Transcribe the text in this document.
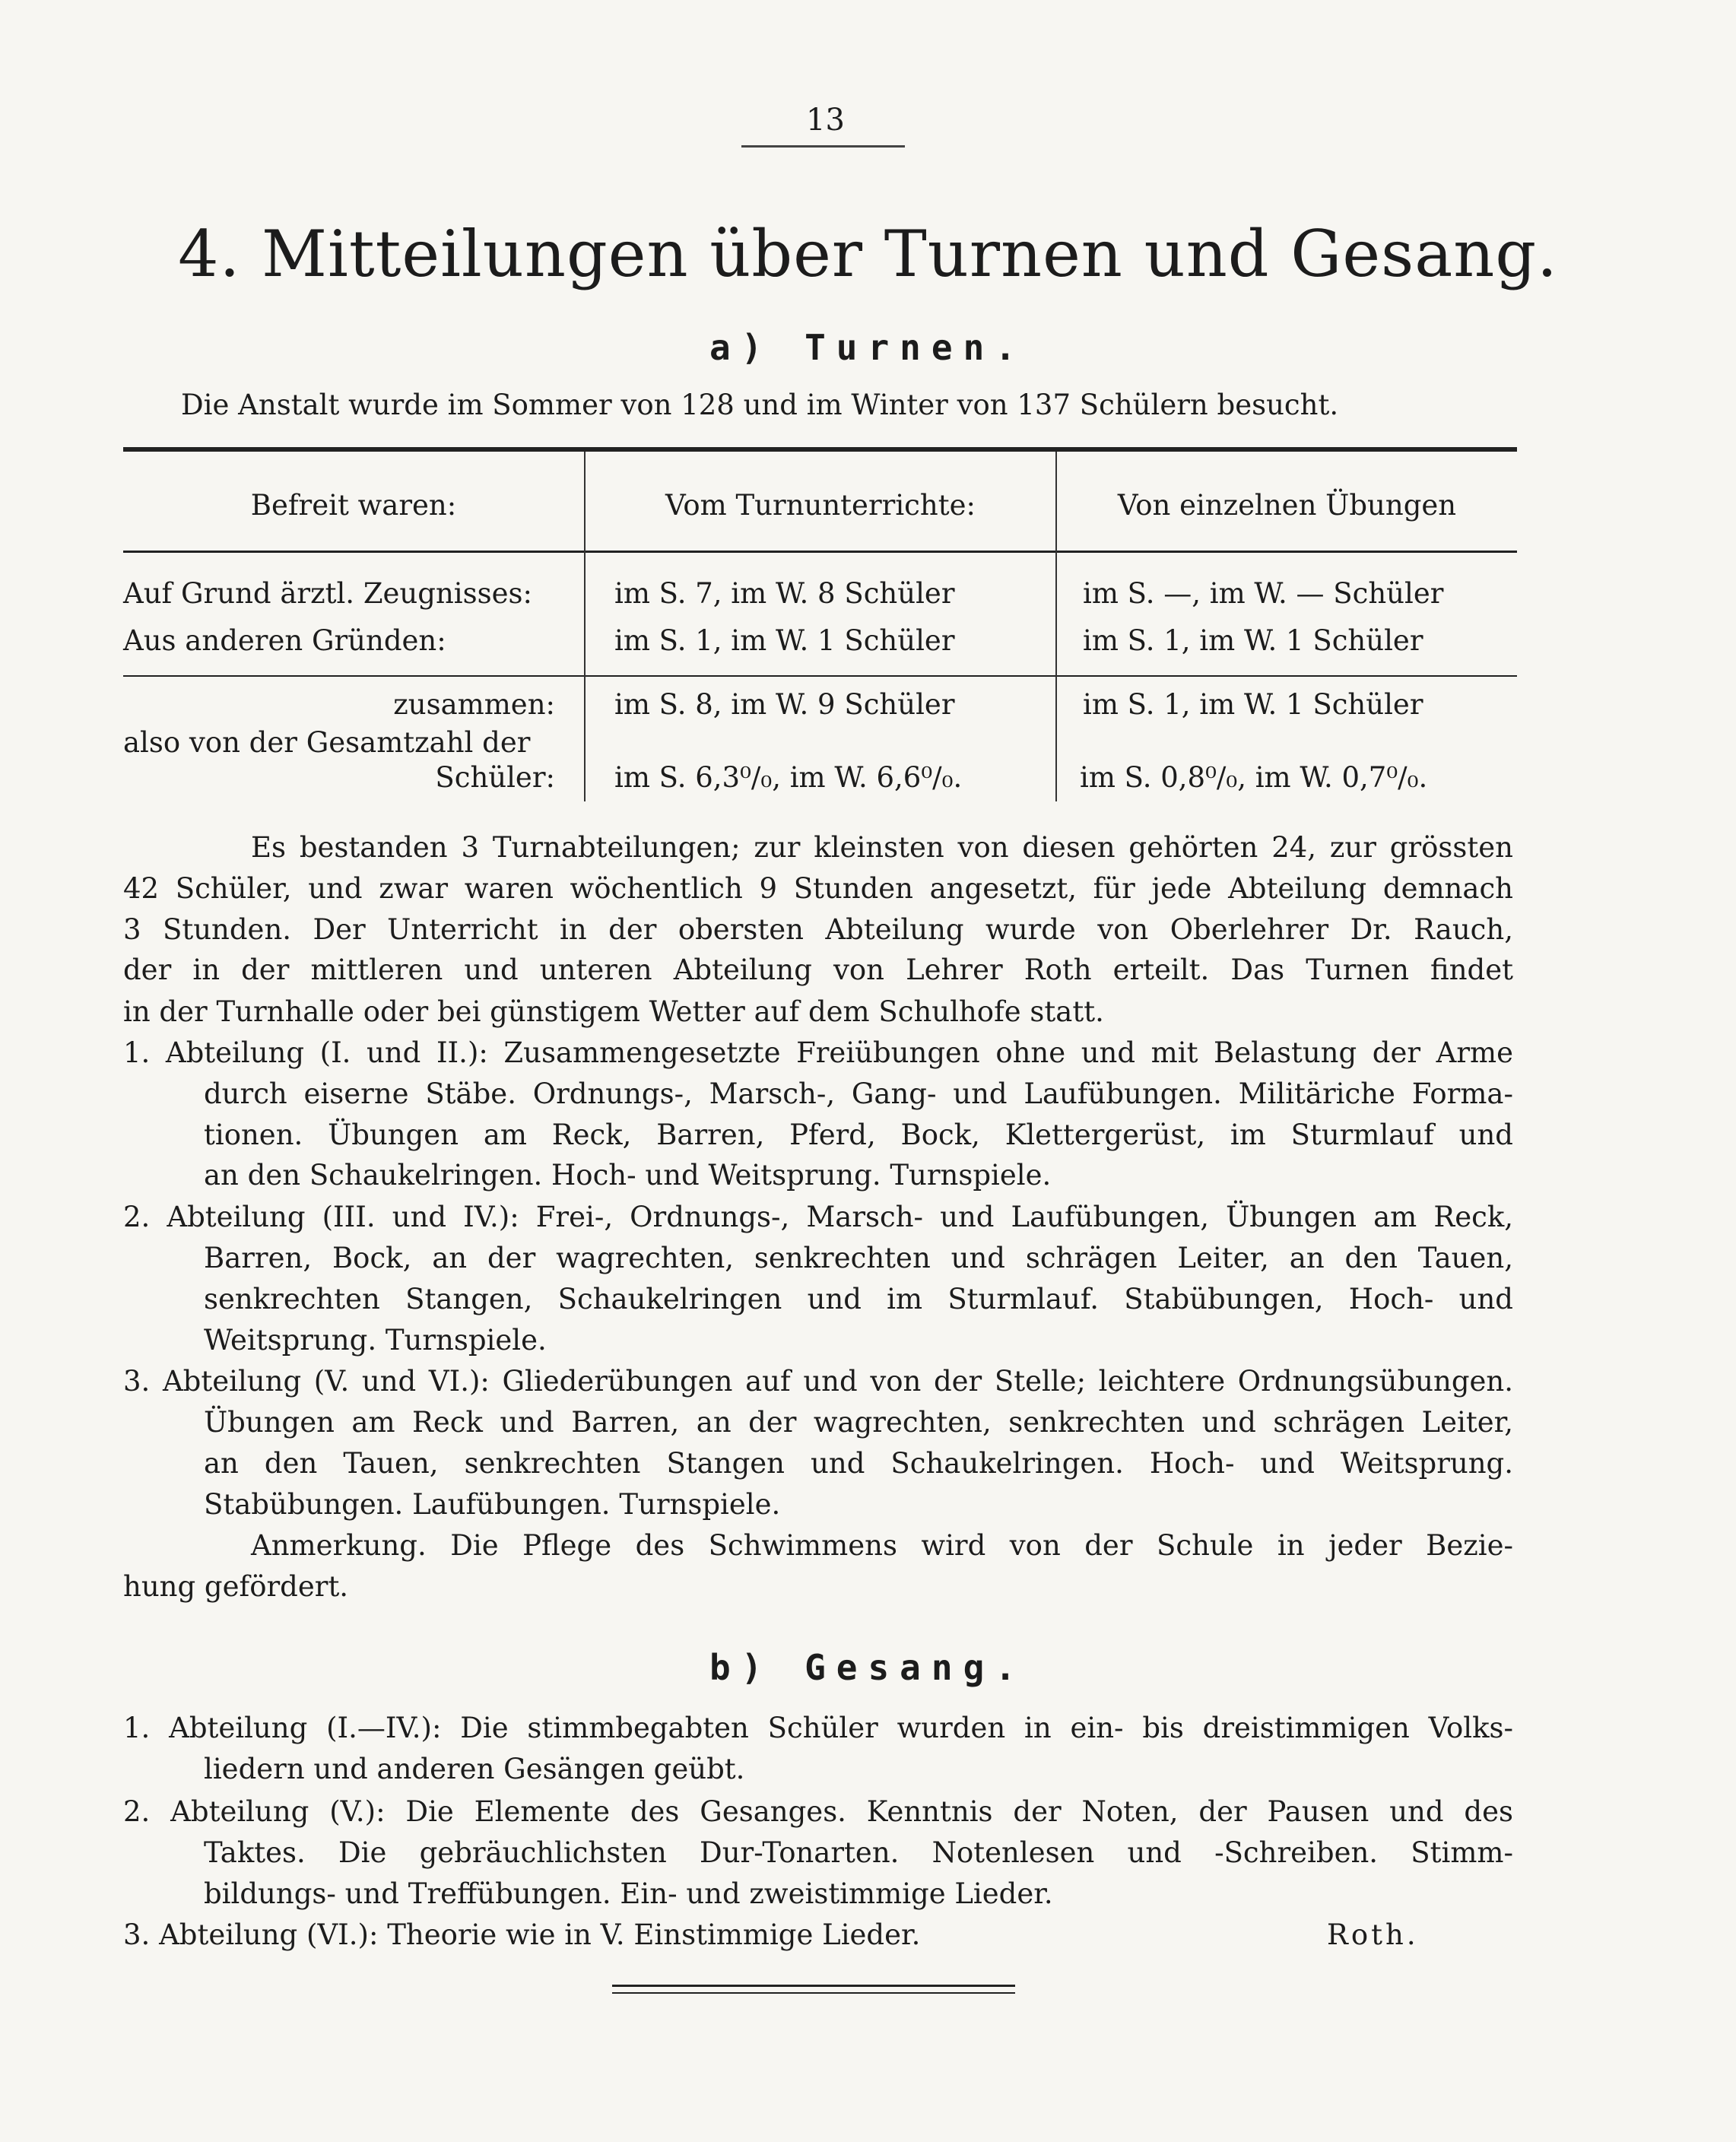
13
4. Mitteilungen über Turnen und Gesang.
a) Turnen.
Die Anstalt wurde im Sommer von 128 und im Winter von 137 Schülern besucht.
Befreit waren:	Vom Turnunterrichte:	Von einzelnen Übungen
Auf Grund ärztl. Zeugnisses:	im S. 7, im W. 8 Schüler	im S. —, im W. — Schüler
Aus anderen Gründen:	im S. 1, im W. 1 Schüler	im S. 1, im W. 1 Schüler
zusammen: im S. 8, im W. 9 Schüler	im S. 1, im W. 1 Schüler
also von der Gesamtzahl der
Schüler: im S. 6,3⁰/₀, im W. 6,6⁰/₀.	im S. 0,8⁰/₀, im W. 0,7⁰/₀.
Es bestanden 3 Turnabteilungen; zur kleinsten von diesen gehörten 24, zur grössten
42 Schüler, und zwar waren wöchentlich 9 Stunden angesetzt, für jede Abteilung demnach
3 Stunden. Der Unterricht in der obersten Abteilung wurde von Oberlehrer Dr. Rauch,
der in der mittleren und unteren Abteilung von Lehrer Roth erteilt. Das Turnen findet
in der Turnhalle oder bei günstigem Wetter auf dem Schulhofe statt.
1. Abteilung (I. und II.): Zusammengesetzte Freiübungen ohne und mit Belastung der Arme
durch eiserne Stäbe. Ordnungs-, Marsch-, Gang- und Laufübungen. Militäriche Forma-
tionen. Übungen am Reck, Barren, Pferd, Bock, Klettergerüst, im Sturmlauf und
an den Schaukelringen. Hoch- und Weitsprung. Turnspiele.
2. Abteilung (III. und IV.): Frei-, Ordnungs-, Marsch- und Laufübungen, Übungen am Reck,
Barren, Bock, an der wagrechten, senkrechten und schrägen Leiter, an den Tauen,
senkrechten Stangen, Schaukelringen und im Sturmlauf. Stabübungen, Hoch- und
Weitsprung. Turnspiele.
3. Abteilung (V. und VI.): Gliederübungen auf und von der Stelle; leichtere Ordnungsübungen.
Übungen am Reck und Barren, an der wagrechten, senkrechten und schrägen Leiter,
an den Tauen, senkrechten Stangen und Schaukelringen. Hoch- und Weitsprung.
Stabübungen. Laufübungen. Turnspiele.
Anmerkung. Die Pflege des Schwimmens wird von der Schule in jeder Bezie-
hung gefördert.
b) Gesang.
1. Abteilung (I.—IV.): Die stimmbegabten Schüler wurden in ein- bis dreistimmigen Volks-
liedern und anderen Gesängen geübt.
2. Abteilung (V.): Die Elemente des Gesanges. Kenntnis der Noten, der Pausen und des
Taktes. Die gebräuchlichsten Dur-Tonarten. Notenlesen und -Schreiben. Stimm-
bildungs- und Treffübungen. Ein- und zweistimmige Lieder.
3. Abteilung (VI.): Theorie wie in V. Einstimmige Lieder.	Roth.
